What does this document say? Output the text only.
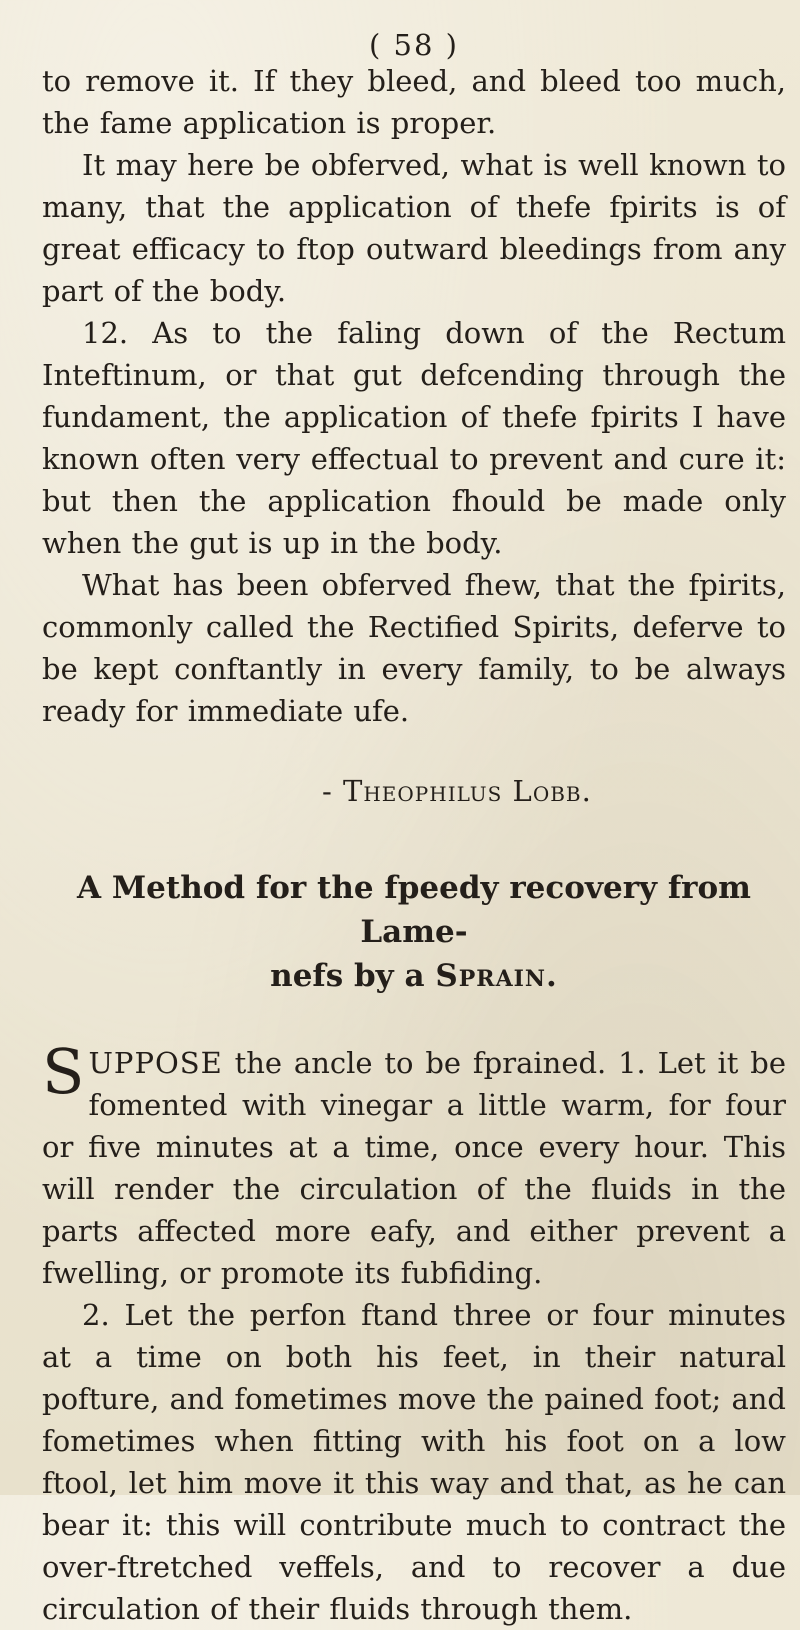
( 58 )

to remove it. If they bleed, and bleed too much, the fame application is proper.

It may here be obferved, what is well known to many, that the application of thefe fpirits is of great efficacy to ftop outward bleedings from any part of the body.

12. As to the faling down of the Rectum Inteftinum, or that gut defcending through the fundament, the application of thefe fpirits I have known often very effectual to prevent and cure it: but then the application fhould be made only when the gut is up in the body.

What has been obferved fhew, that the fpirits, commonly called the Rectified Spirits, deferve to be kept conftantly in every family, to be always ready for immediate ufe.

- Theophilus Lobb.
A Method for the fpeedy recovery from Lame-
nefs by a Sprain.

SUPPOSE the ancle to be fprained. 1. Let it be fomented with vinegar a little warm, for four or five minutes at a time, once every hour. This will render the circulation of the fluids in the parts affected more eafy, and either prevent a fwelling, or promote its fubfiding.

2. Let the perfon ftand three or four minutes at a time on both his feet, in their natural pofture, and fometimes move the pained foot; and fometimes when fitting with his foot on a low ftool, let him move it this way and that, as he can bear it: this will contribute much to contract the over-ftretched veffels, and to recover a due circulation of their fluids through them.
